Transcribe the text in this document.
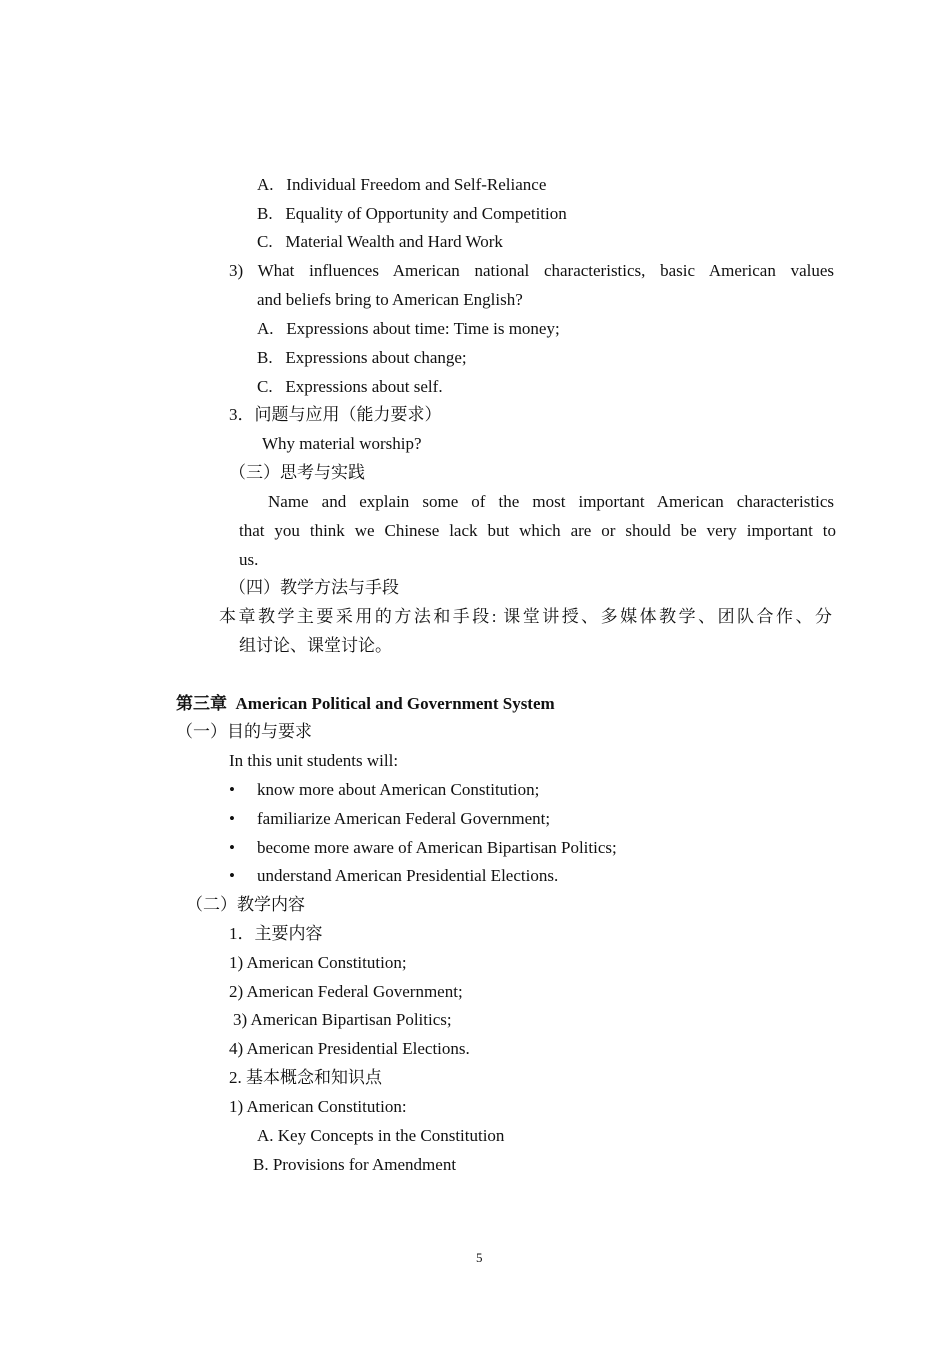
A.   Individual Freedom and Self-Reliance
B.   Equality of Opportunity and Competition
C.   Material Wealth and Hard Work
3) What influences American national characteristics, basic American values
and beliefs bring to American English?
A.   Expressions about time: Time is money;
B.   Expressions about change;
C.   Expressions about self.
3．问题与应用（能力要求）
Why material worship?
（三）思考与实践
Name and explain some of the most important American characteristics
that you think we Chinese lack but which are or should be very important to
us.
（四）教学方法与手段
本章教学主要采用的方法和手段: 课堂讲授、多媒体教学、团队合作、分
组讨论、课堂讨论。
第三章 American Political and Government System
（一）目的与要求
In this unit students will:
• know more about American Constitution;
• familiarize American Federal Government;
• become more aware of American Bipartisan Politics;
• understand American Presidential Elections.
（二）教学内容
1．主要内容
1) American Constitution;
2) American Federal Government;
3) American Bipartisan Politics;
4) American Presidential Elections.
2. 基本概念和知识点
1) American Constitution:
A. Key Concepts in the Constitution
B. Provisions for Amendment
5
